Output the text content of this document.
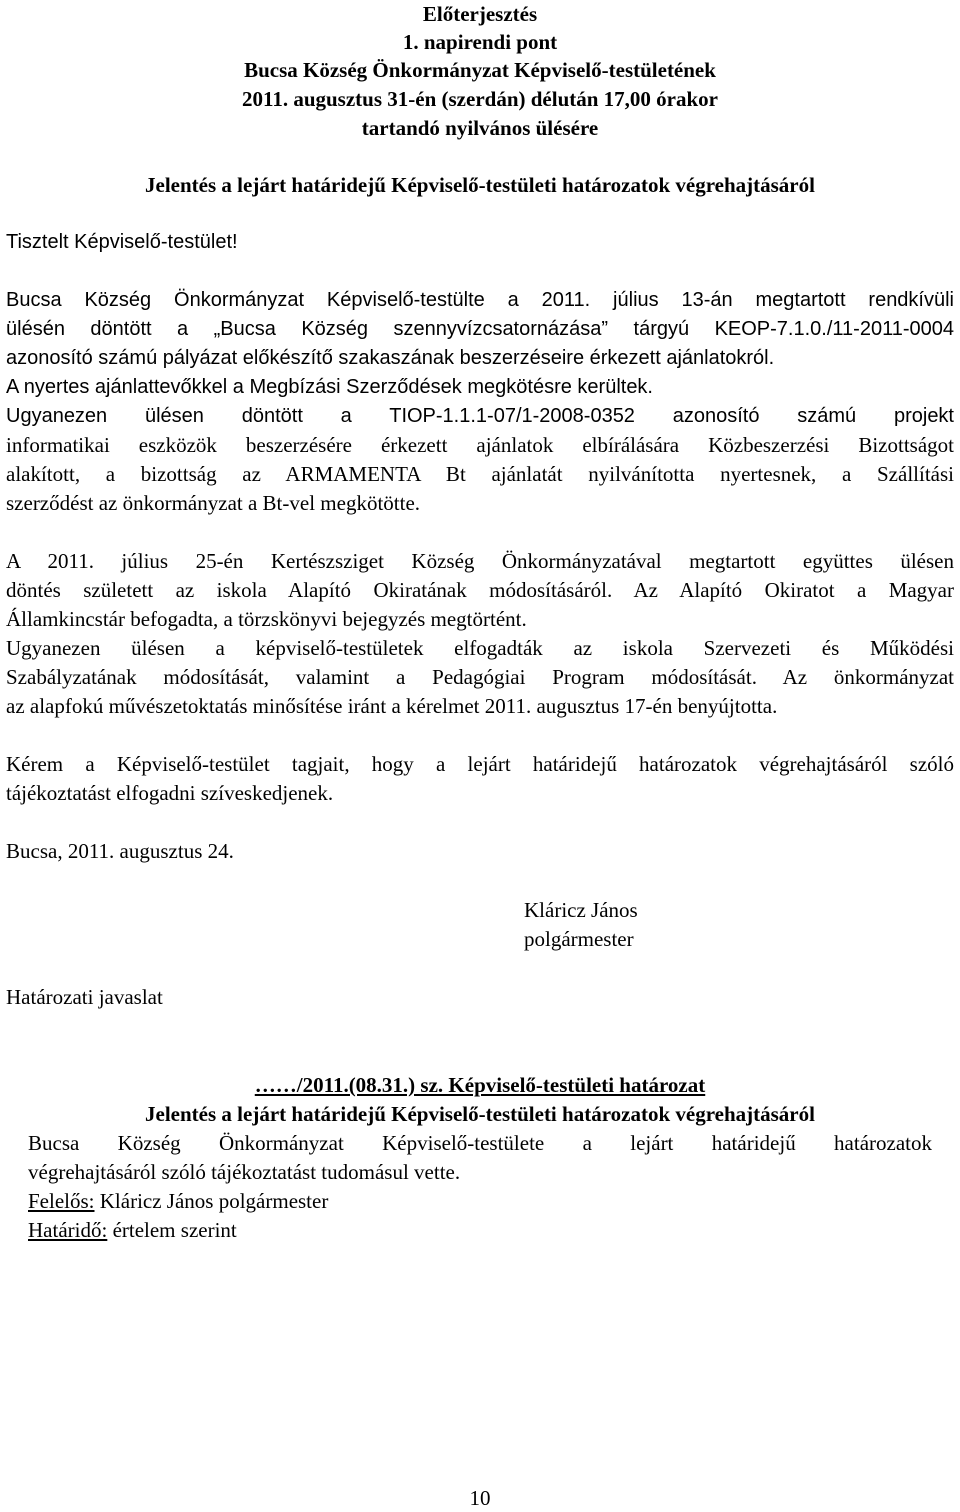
Előterjesztés
1. napirendi pont
Bucsa Község Önkormányzat Képviselő-testületének
2011. augusztus 31-én (szerdán) délután 17,00 órakor
tartandó nyilvános ülésére
Jelentés a lejárt határidejű Képviselő-testületi határozatok végrehajtásáról
Tisztelt Képviselő-testület!
Bucsa Község Önkormányzat Képviselő-testülte a 2011. július 13-án megtartott rendkívüli
ülésén döntött a „Bucsa Község szennyvízcsatornázása” tárgyú KEOP-7.1.0./11-2011-0004
azonosító számú pályázat előkészítő szakaszának beszerzéseire érkezett ajánlatokról.
A nyertes ajánlattevőkkel a Megbízási Szerződések megkötésre kerültek.
Ugyanezen ülésen döntött a TIOP-1.1.1-07/1-2008-0352 azonosító számú projekt
informatikai eszközök beszerzésére érkezett ajánlatok elbírálására Közbeszerzési Bizottságot
alakított, a bizottság az ARMAMENTA Bt ajánlatát nyilvánította nyertesnek, a Szállítási
szerződést az önkormányzat a Bt-vel megkötötte.
A 2011. július 25-én Kertészsziget Község Önkormányzatával megtartott együttes ülésen
döntés született az iskola Alapító Okiratának módosításáról. Az Alapító Okiratot a Magyar
Államkincstár befogadta, a törzskönyvi bejegyzés megtörtént.
Ugyanezen ülésen a képviselő-testületek elfogadták az iskola Szervezeti és Működési
Szabályzatának módosítását, valamint a Pedagógiai Program módosítását. Az önkormányzat
az alapfokú művészetoktatás minősítése iránt a kérelmet 2011. augusztus 17-én benyújtotta.
Kérem a Képviselő-testület tagjait, hogy a lejárt határidejű határozatok végrehajtásáról szóló
tájékoztatást elfogadni szíveskedjenek.
Bucsa, 2011. augusztus 24.
Kláricz János
polgármester
Határozati javaslat
……/2011.(08.31.) sz. Képviselő-testületi határozat
Jelentés a lejárt határidejű Képviselő-testületi határozatok végrehajtásáról
Bucsa Község Önkormányzat Képviselő-testülete a lejárt határidejű határozatok
végrehajtásáról szóló tájékoztatást tudomásul vette.
Felelős: Kláricz János polgármester
Határidő: értelem szerint
10
